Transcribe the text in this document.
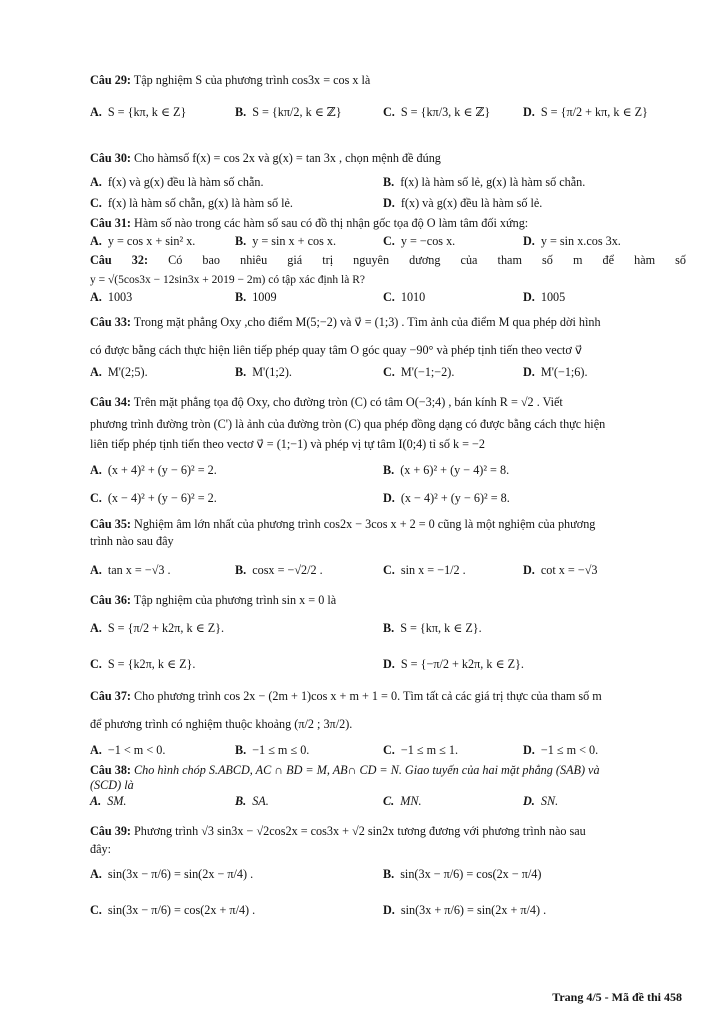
Câu 29: Tập nghiệm S của phương trình cos3x = cos x là
A. S = {kπ, k ∈ Z}	B. S = {kπ/2, k ∈ ℤ}	C. S = {kπ/3, k ∈ ℤ}	D. S = {π/2 + kπ, k ∈ Z}
Câu 30: Cho hàmsố f(x) = cos 2x và g(x) = tan 3x , chọn mệnh đề đúng
A. f(x) và g(x) đều là hàm số chẵn.	B. f(x) là hàm số lẻ, g(x) là hàm số chẵn.
C. f(x) là hàm số chẵn, g(x) là hàm số lẻ.	D. f(x) và g(x) đều là hàm số lẻ.
Câu 31: Hàm số nào trong các hàm số sau có đồ thị nhận gốc tọa độ O làm tâm đối xứng:
A. y = cos x + sin² x.	B. y = sin x + cos x.	C. y = −cos x.	D. y = sin x.cos 3x.
Câu 32: Có bao nhiêu giá trị nguyên dương của tham số m để hàm số
y = √(5cos3x − 12sin3x + 2019 − 2m) có tập xác định là R?
A. 1003	B. 1009	C. 1010	D. 1005
Câu 33: Trong mặt phẳng Oxy ,cho điểm M(5;−2) và v⃗ = (1;3) . Tìm ảnh của điểm M qua phép dời hình
có được bằng cách thực hiện liên tiếp phép quay tâm O góc quay −90° và phép tịnh tiến theo vectơ v⃗
A. M'(2;5).	B. M'(1;2).	C. M'(−1;−2).	D. M'(−1;6).
Câu 34: Trên mặt phẳng tọa độ Oxy, cho đường tròn (C) có tâm O(−3;4) , bán kính R = √2 . Viết
phương trình đường tròn (C') là ảnh của đường tròn (C) qua phép đồng dạng có được bằng cách thực hiện
liên tiếp phép tịnh tiến theo vectơ v⃗ = (1;−1) và phép vị tự tâm I(0;4) tỉ số k = −2
A. (x + 4)² + (y − 6)² = 2.	B. (x + 6)² + (y − 4)² = 8.
C. (x − 4)² + (y − 6)² = 2.	D. (x − 4)² + (y − 6)² = 8.
Câu 35: Nghiệm âm lớn nhất của phương trình cos2x − 3cos x + 2 = 0 cũng là một nghiệm của phương
trình nào sau đây
A. tan x = −√3 .	B. cosx = −√2/2 .	C. sin x = −1/2 .	D. cot x = −√3
Câu 36: Tập nghiệm của phương trình sin x = 0 là
A. S = {π/2 + k2π, k ∈ Z}.	B. S = {kπ, k ∈ Z}.
C. S = {k2π, k ∈ Z}.	D. S = {−π/2 + k2π, k ∈ Z}.
Câu 37: Cho phương trình cos 2x − (2m + 1)cos x + m + 1 = 0. Tìm tất cả các giá trị thực của tham số m
để phương trình có nghiệm thuộc khoảng (π/2 ; 3π/2).
A. −1 < m < 0.	B. −1 ≤ m ≤ 0.	C. −1 ≤ m ≤ 1.	D. −1 ≤ m < 0.
Câu 38: Cho hình chóp S.ABCD, AC ∩ BD = M, AB∩ CD = N. Giao tuyến của hai mặt phẳng (SAB) và
(SCD) là
A. SM.	B. SA.	C. MN.	D. SN.
Câu 39: Phương trình √3 sin3x − √2cos2x = cos3x + √2 sin2x tương đương với phương trình nào sau
đây:
A. sin(3x − π/6) = sin(2x − π/4) .	B. sin(3x − π/6) = cos(2x − π/4)
C. sin(3x − π/6) = cos(2x + π/4) .	D. sin(3x + π/6) = sin(2x + π/4) .
Trang 4/5 - Mã đề thi 458
